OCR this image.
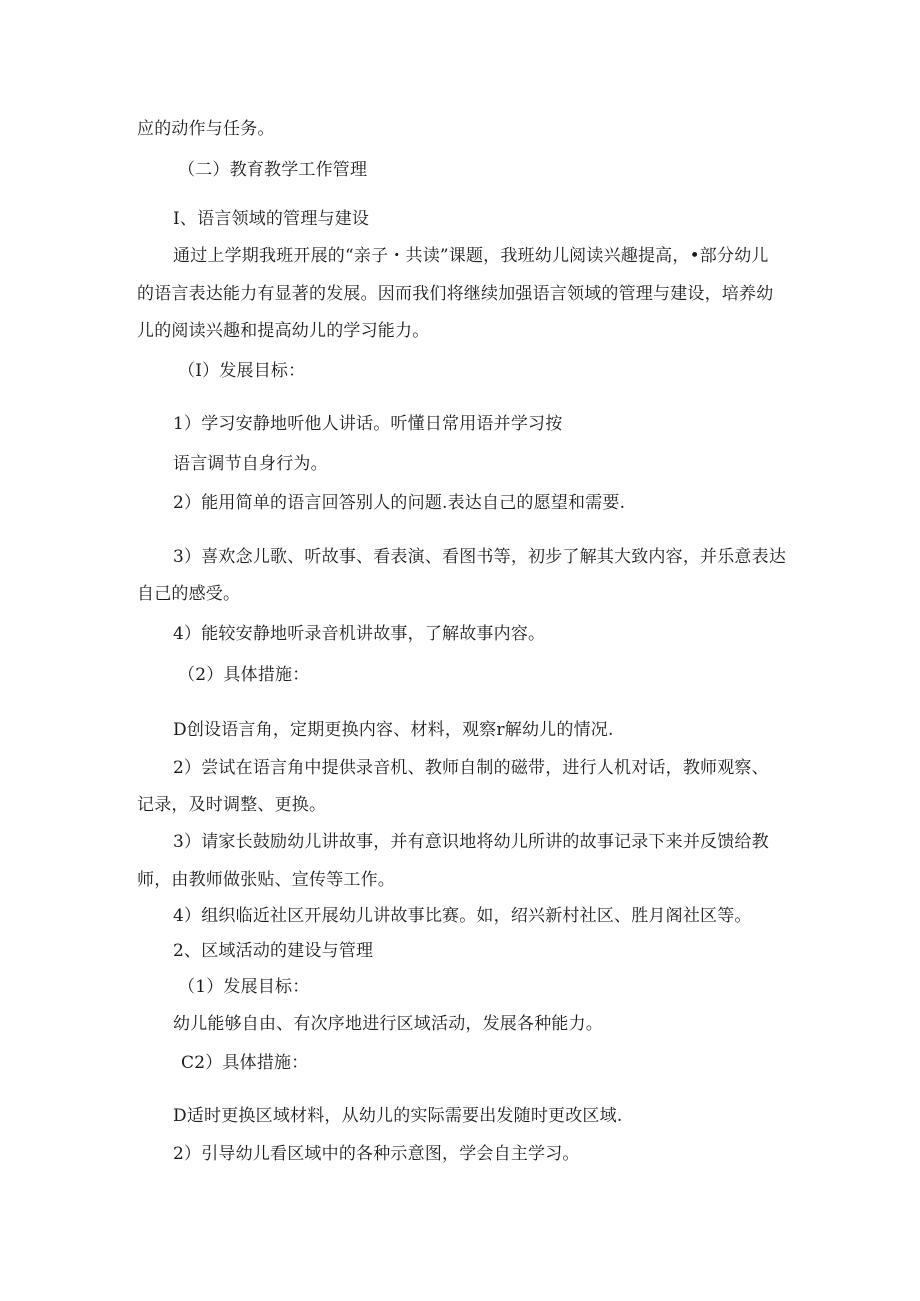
应的动作与任务。
（二）教育教学工作管理
I、语言领域的管理与建设
通过上学期我班开展的“亲子・共读”课题，我班幼儿阅读兴趣提高，•部分幼儿
的语言表达能力有显著的发展。因而我们将继续加强语言领域的管理与建设，培养幼
儿的阅读兴趣和提高幼儿的学习能力。
（I）发展目标：
1）学习安静地听他人讲话。听懂日常用语并学习按
语言调节自身行为。
2）能用简单的语言回答别人的问题.表达自己的愿望和需要.
3）喜欢念儿歌、听故事、看表演、看图书等，初步了解其大致内容，并乐意表达
自己的感受。
4）能较安静地听录音机讲故事，了解故事内容。
（2）具体措施：
D创设语言角，定期更换内容、材料，观察r解幼儿的情况.
2）尝试在语言角中提供录音机、教师自制的磁带，进行人机对话，教师观察、
记录，及时调整、更换。
3）请家长鼓励幼儿讲故事，并有意识地将幼儿所讲的故事记录下来并反馈给教
师，由教师做张贴、宣传等工作。
4）组织临近社区开展幼儿讲故事比赛。如，绍兴新村社区、胜月阁社区等。
2、区域活动的建设与管理
（1）发展目标：
幼儿能够自由、有次序地进行区域活动，发展各种能力。
C2）具体措施：
D适时更换区域材料，从幼儿的实际需要出发随时更改区域.
2）引导幼儿看区域中的各种示意图，学会自主学习。
